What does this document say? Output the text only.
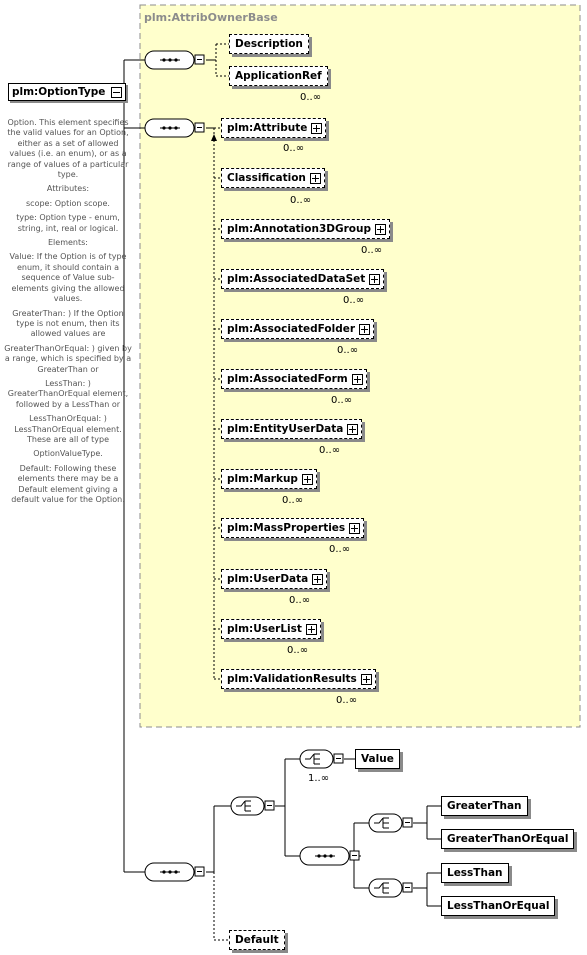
plm:OptionType

Option. This element specifies the valid values for an Option, either as a set of allowed values (i.e. an enum), or as a range of values of a particular type.

Attributes:

scope: Option scope.

type: Option type - enum, string, int, real or logical.

Elements:

Value: If the Option is of type enum, it should contain a sequence of Value sub-elements giving the allowed values.

GreaterThan: ) If the Option type is not enum, then its allowed values are

GreaterThanOrEqual: ) given by a range, which is specified by a GreaterThan or

LessThan: ) GreaterThanOrEqual element, followed by a LessThan or

LessThanOrEqual: ) LessThanOrEqual element. These are all of type

OptionValueType.

Default: Following these elements there may be a Default element giving a default value for the Option.

plm:AttribOwnerBase
Description
ApplicationRef
0..∞
plm:Attribute
0..∞
Classification
0..∞
plm:Annotation3DGroup
0..∞
plm:AssociatedDataSet
0..∞
plm:AssociatedFolder
0..∞
plm:AssociatedForm
0..∞
plm:EntityUserData
0..∞
plm:Markup
0..∞
plm:MassProperties
0..∞
plm:UserData
0..∞
plm:UserList
0..∞
plm:ValidationResults
0..∞
Value
1..∞
GreaterThan
GreaterThanOrEqual
LessThan
LessThanOrEqual
Default
